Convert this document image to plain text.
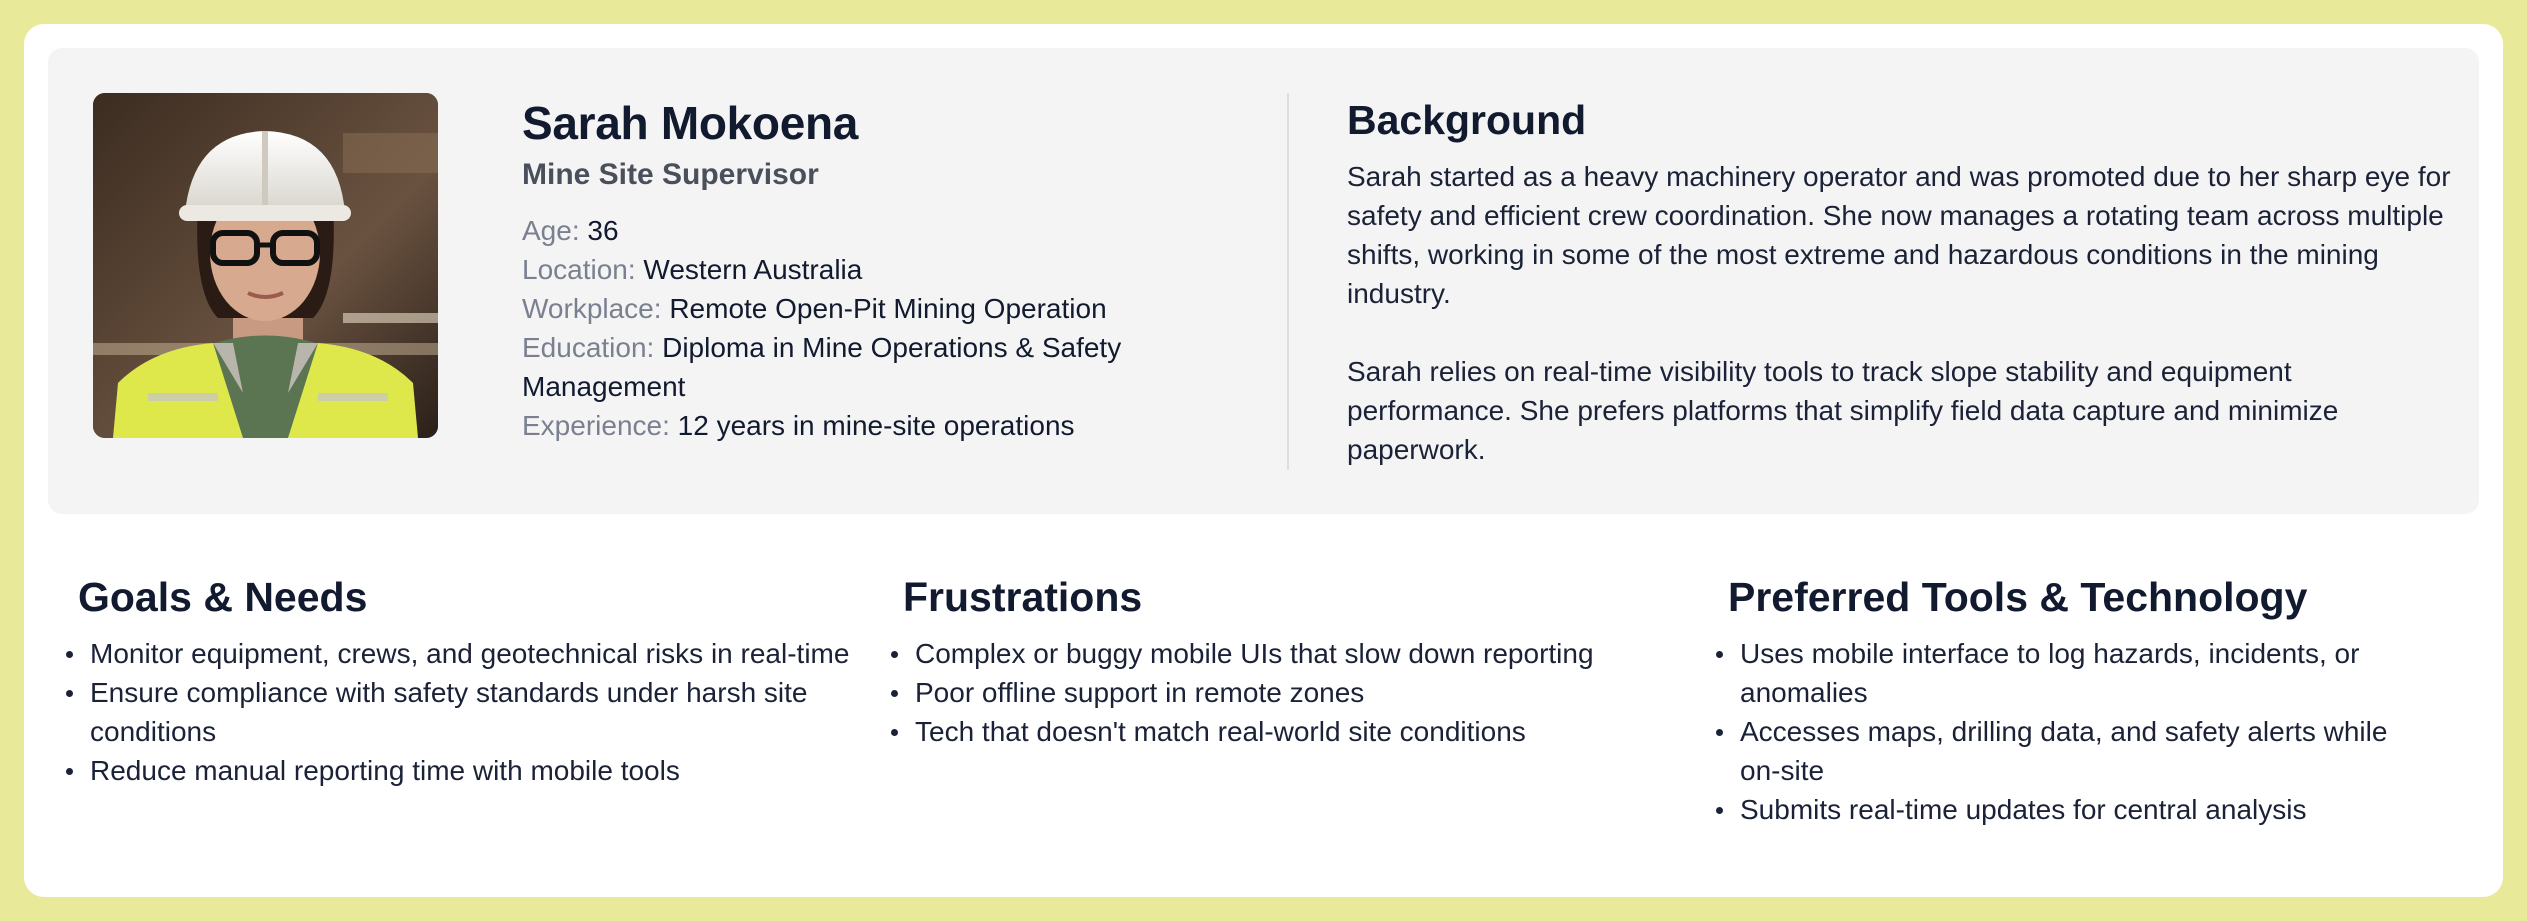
Sarah Mokoena
Mine Site Supervisor
Age: 36
Location: Western Australia
Workplace: Remote Open-Pit Mining Operation
Education: Diploma in Mine Operations & Safety Management
Experience: 12 years in mine-site operations
Background

Sarah started as a heavy machinery operator and was promoted due to her sharp eye for safety and efficient crew coordination. She now manages a rotating team across multiple shifts, working in some of the most extreme and hazardous conditions in the mining industry.

Sarah relies on real-time visibility tools to track slope stability and equipment performance. She prefers platforms that simplify field data capture and minimize paperwork.

Goals & Needs
Monitor equipment, crews, and geotechnical risks in real-time
Ensure compliance with safety standards under harsh site conditions
Reduce manual reporting time with mobile tools
Frustrations
Complex or buggy mobile UIs that slow down reporting
Poor offline support in remote zones
Tech that doesn't match real-world site conditions
Preferred Tools & Technology
Uses mobile interface to log hazards, incidents, or anomalies
Accesses maps, drilling data, and safety alerts while on-site
Submits real-time updates for central analysis
